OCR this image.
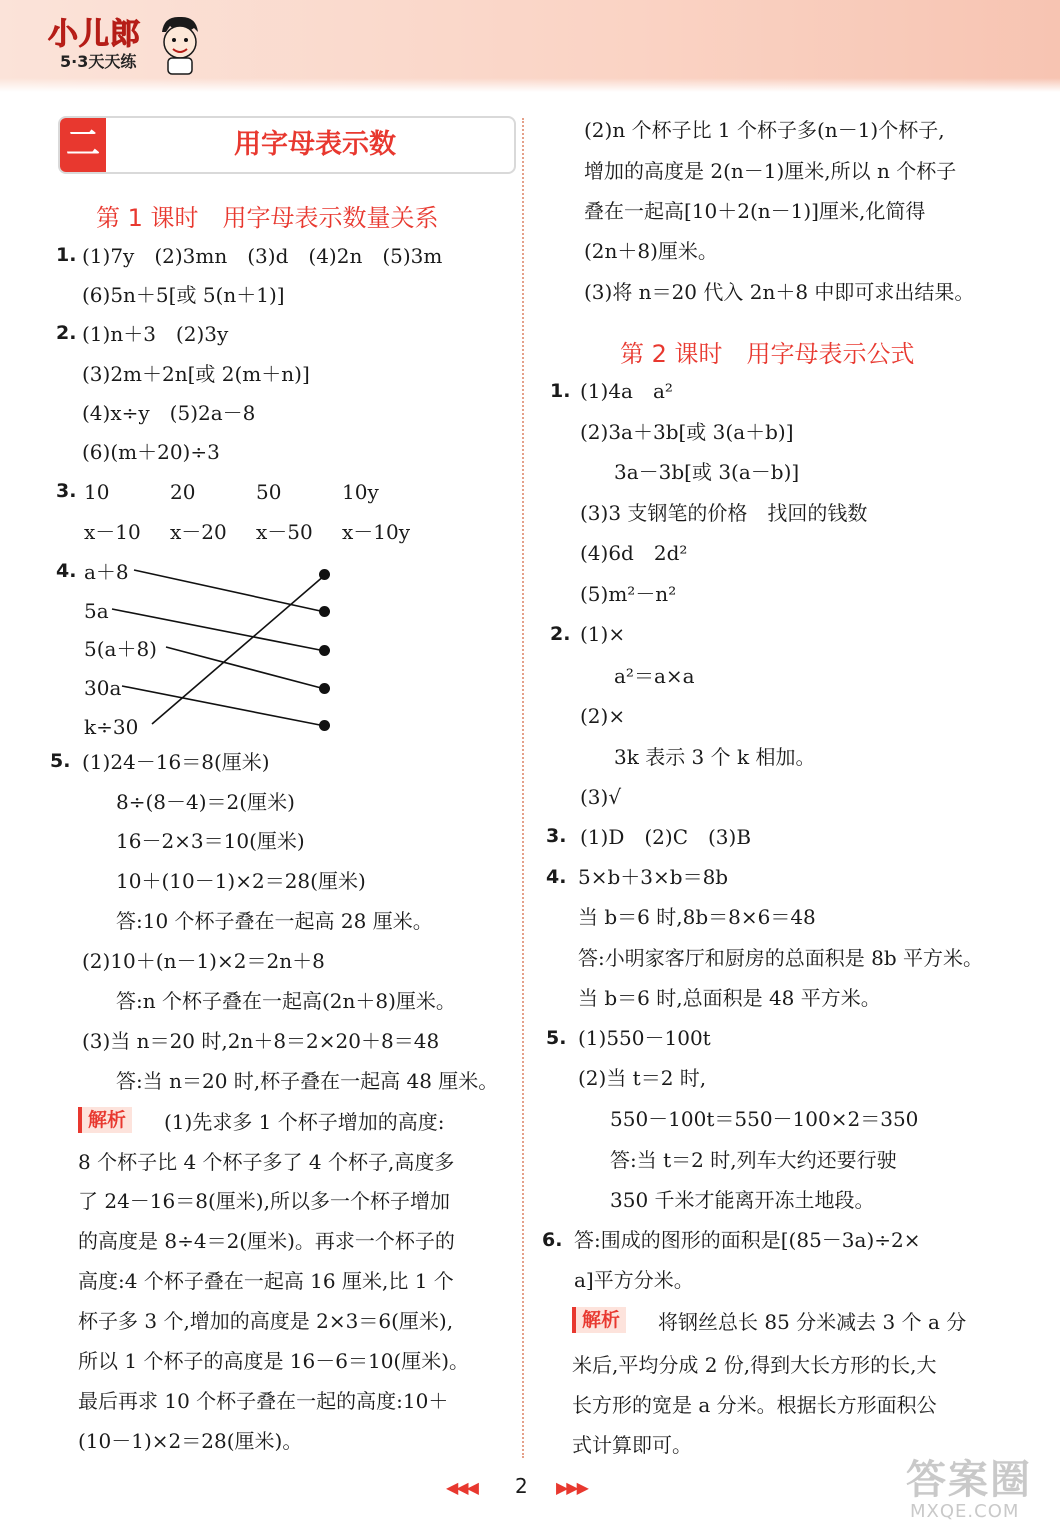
小儿郎
5·3天天练
二	用字母表示数
第 1 课时　用字母表示数量关系
1. (1)7y　(2)3mn　(3)d　(4)2n　(5)3m
(6)5n＋5[或 5(n＋1)]
2. (1)n＋3　(2)3y
(3)2m＋2n[或 2(m＋n)]
(4)x÷y　(5)2a－8
(6)(m＋20)÷3
3. 10	20	50	10y
x－10 x－20 x－50 x－10y
4. a＋8
5a
5(a＋8)
30a
k÷30
5. (1)24－16＝8(厘米)
8÷(8－4)＝2(厘米)
16－2×3＝10(厘米)
10＋(10－1)×2＝28(厘米)
答:10 个杯子叠在一起高 28 厘米。
(2)10＋(n－1)×2＝2n＋8
答:n 个杯子叠在一起高(2n＋8)厘米。
(3)当 n＝20 时,2n＋8＝2×20＋8＝48
答:当 n＝20 时,杯子叠在一起高 48 厘米。
解析	(1)先求多 1 个杯子增加的高度:
8 个杯子比 4 个杯子多了 4 个杯子,高度多
了 24－16＝8(厘米),所以多一个杯子增加
的高度是 8÷4＝2(厘米)。再求一个杯子的
高度:4 个杯子叠在一起高 16 厘米,比 1 个
杯子多 3 个,增加的高度是 2×3＝6(厘米),
所以 1 个杯子的高度是 16－6＝10(厘米)。
最后再求 10 个杯子叠在一起的高度:10＋
(10－1)×2＝28(厘米)。
(2)n 个杯子比 1 个杯子多(n－1)个杯子,
增加的高度是 2(n－1)厘米,所以 n 个杯子
叠在一起高[10＋2(n－1)]厘米,化简得
(2n＋8)厘米。
(3)将 n＝20 代入 2n＋8 中即可求出结果。
第 2 课时　用字母表示公式
1. (1)4a　a²
(2)3a＋3b[或 3(a＋b)]
3a－3b[或 3(a－b)]
(3)3 支钢笔的价格　找回的钱数
(4)6d　2d²
(5)m²－n²
2. (1)×
a²＝a×a
(2)×
3k 表示 3 个 k 相加。
(3)√
3. (1)D　(2)C　(3)B
4. 5×b＋3×b＝8b
当 b＝6 时,8b＝8×6＝48
答:小明家客厅和厨房的总面积是 8b 平方米。
当 b＝6 时,总面积是 48 平方米。
5. (1)550－100t
(2)当 t＝2 时,
550－100t＝550－100×2＝350
答:当 t＝2 时,列车大约还要行驶
350 千米才能离开冻土地段。
6. 答:围成的图形的面积是[(85－3a)÷2×
a]平方分米。
解析	将钢丝总长 85 分米减去 3 个 a 分
米后,平均分成 2 份,得到大长方形的长,大
长方形的宽是 a 分米。根据长方形面积公
式计算即可。
◀◀◀ 2 ▶▶▶	答案圈
MXQE.COM
